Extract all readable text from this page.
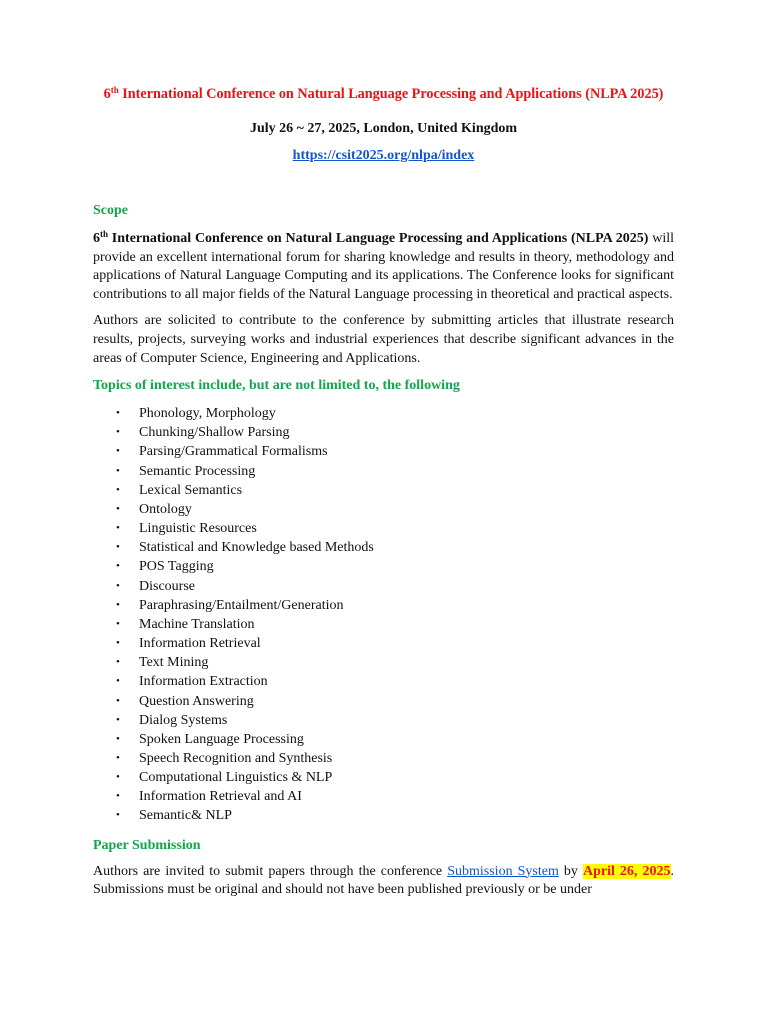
6th International Conference on Natural Language Processing and Applications (NLPA 2025)

July 26 ~ 27, 2025, London, United Kingdom

https://csit2025.org/nlpa/index

Scope

6th International Conference on Natural Language Processing and Applications (NLPA 2025) will provide an excellent international forum for sharing knowledge and results in theory, methodology and applications of Natural Language Computing and its applications. The Conference looks for significant contributions to all major fields of the Natural Language processing in theoretical and practical aspects.

Authors are solicited to contribute to the conference by submitting articles that illustrate research results, projects, surveying works and industrial experiences that describe significant advances in the areas of Computer Science, Engineering and Applications.

Topics of interest include, but are not limited to, the following

• Phonology, Morphology
• Chunking/Shallow Parsing
• Parsing/Grammatical Formalisms
• Semantic Processing
• Lexical Semantics
• Ontology
• Linguistic Resources
• Statistical and Knowledge based Methods
• POS Tagging
• Discourse
• Paraphrasing/Entailment/Generation
• Machine Translation
• Information Retrieval
• Text Mining
• Information Extraction
• Question Answering
• Dialog Systems
• Spoken Language Processing
• Speech Recognition and Synthesis
• Computational Linguistics & NLP
• Information Retrieval and AI
• Semantic& NLP

Paper Submission

Authors are invited to submit papers through the conference Submission System by April 26, 2025. Submissions must be original and should not have been published previously or be under
